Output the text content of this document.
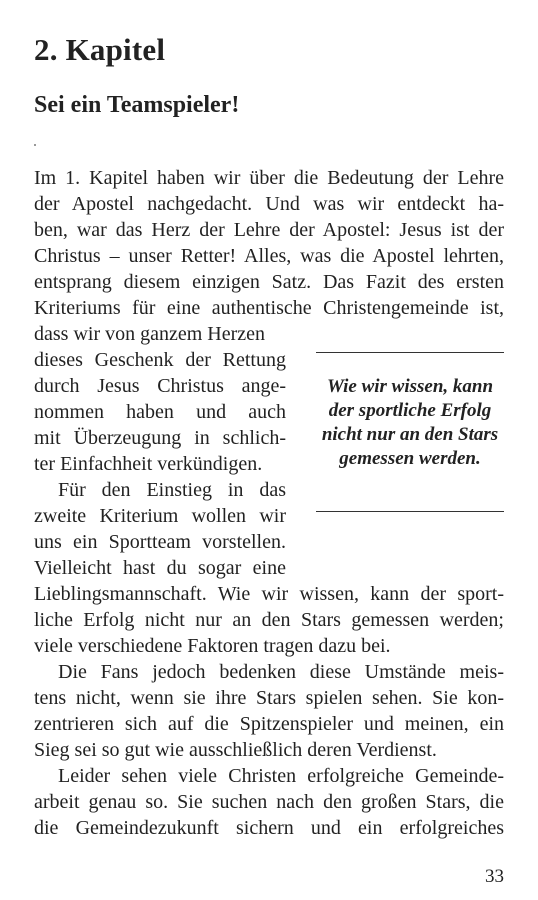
2. Kapitel
Sei ein Teamspieler!

Im 1. Kapitel haben wir über die Bedeutung der Lehre

der Apostel nachgedacht. Und was wir entdeckt ha-

ben, war das Herz der Lehre der Apostel: Jesus ist der

Christus – unser Retter! Alles, was die Apostel lehrten,

entsprang diesem einzigen Satz. Das Fazit des ersten

Kriteriums für eine authentische Christengemeinde ist,

dass wir von ganzem Herzen

dieses Geschenk der Rettung

durch Jesus Christus ange-

nommen haben und auch

mit Überzeugung in schlich-

ter Einfachheit verkündigen.

Für den Einstieg in das

zweite Kriterium wollen wir

uns ein Sportteam vorstellen.

Vielleicht hast du sogar eine

Lieblingsmannschaft. Wie wir wissen, kann der sport-

liche Erfolg nicht nur an den Stars gemessen werden;

viele verschiedene Faktoren tragen dazu bei.

Die Fans jedoch bedenken diese Umstände meis-

tens nicht, wenn sie ihre Stars spielen sehen. Sie kon-

zentrieren sich auf die Spitzenspieler und meinen, ein

Sieg sei so gut wie ausschließlich deren Verdienst.

Leider sehen viele Christen erfolgreiche Gemeinde-

arbeit genau so. Sie suchen nach den großen Stars, die

die Gemeindezukunft sichern und ein erfolgreiches

Wie wir wissen, kann der sportliche Erfolg nicht nur an den Stars gemessen werden.

33
